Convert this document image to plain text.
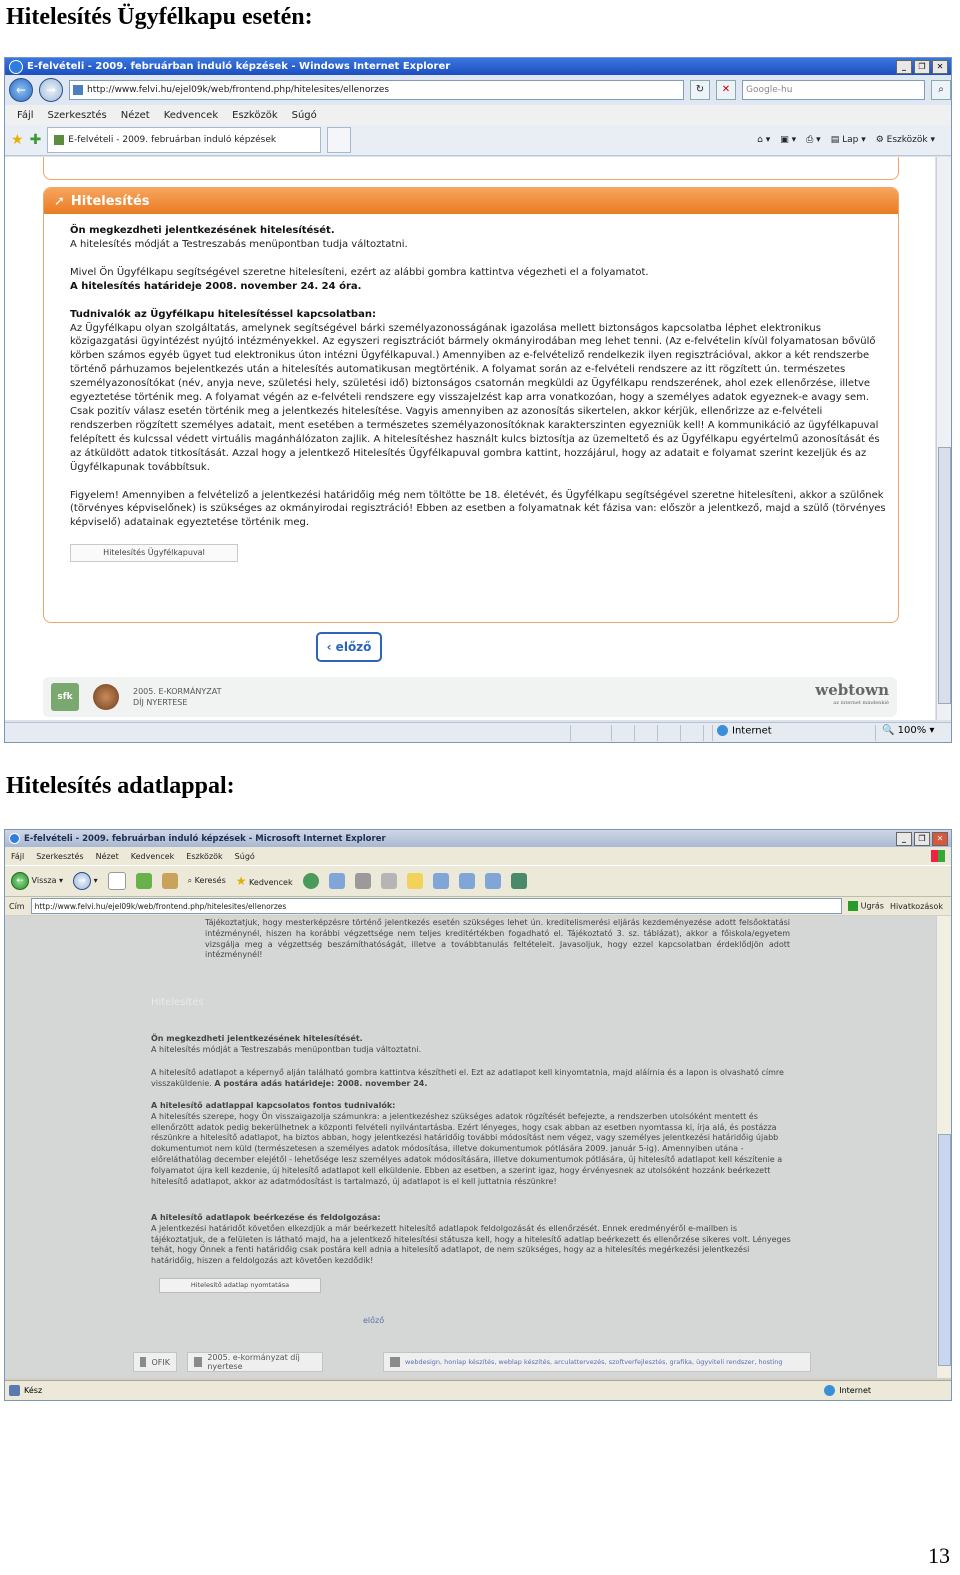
Hitelesítés Ügyfélkapu esetén:
E-felvételi - 2009. februárban induló képzések - Windows Internet Explorer	_	❐	✕
←	→	http://www.felvi.hu/ejel09k/web/frontend.php/hitelesites/ellenorzes	↻	✕	Google-hu	⌕
Fájl Szerkesztés Nézet Kedvencek Eszközök Súgó
★ ✚	E-felvételi - 2009. februárban induló képzések	⌂ ▾ ▣ ▾ ⎙ ▾ ▤ Lap ▾ ⚙ Eszközök ▾
➚ Hitelesítés

Ön megkezdheti jelentkezésének hitelesítését.
A hitelesítés módját a Testreszabás menüpontban tudja változtatni.

Mivel Ön Ügyfélkapu segítségével szeretne hitelesíteni, ezért az alábbi gombra kattintva végezheti el a folyamatot.
A hitelesítés határideje 2008. november 24. 24 óra.

Tudnivalók az Ügyfélkapu hitelesítéssel kapcsolatban:
Az Ügyfélkapu olyan szolgáltatás, amelynek segítségével bárki személyazonosságának igazolása mellett biztonságos kapcsolatba léphet elektronikus közigazgatási ügyintézést nyújtó intézményekkel. Az egyszeri regisztrációt bármely okmányirodában meg lehet tenni. (Az e-felvételin kívül folyamatosan bővülő körben számos egyéb ügyet tud elektronikus úton intézni Ügyfélkapuval.) Amennyiben az e-felvételiző rendelkezik ilyen regisztrációval, akkor a két rendszerbe történő párhuzamos bejelentkezés után a hitelesítés automatikusan megtörténik. A folyamat során az e-felvételi rendszere az itt rögzített ún. természetes személyazonosítókat (név, anyja neve, születési hely, születési idő) biztonságos csatornán megküldi az Ügyfélkapu rendszerének, ahol ezek ellenőrzése, illetve egyeztetése történik meg. A folyamat végén az e-felvételi rendszere egy visszajelzést kap arra vonatkozóan, hogy a személyes adatok egyeznek-e avagy sem. Csak pozitív válasz esetén történik meg a jelentkezés hitelesítése. Vagyis amennyiben az azonosítás sikertelen, akkor kérjük, ellenőrizze az e-felvételi rendszerben rögzített személyes adatait, ment esetében a természetes személyazonosítóknak karakterszinten egyezniük kell! A kommunikáció az ügyfélkapuval felépített és kulcssal védett virtuális magánhálózaton zajlik. A hitelesítéshez használt kulcs biztosítja az üzemeltető és az Ügyfélkapu egyértelmű azonosítását és az átküldött adatok titkosítását. Azzal hogy a jelentkező Hitelesítés Ügyfélkapuval gombra kattint, hozzájárul, hogy az adatait e folyamat szerint kezeljük és az Ügyfélkapunak továbbítsuk.

Figyelem! Amennyiben a felvételiző a jelentkezési határidőig még nem töltötte be 18. életévét, és Ügyfélkapu segítségével szeretne hitelesíteni, akkor a szülőnek (törvényes képviselőnek) is szükséges az okmányirodai regisztráció! Ebben az esetben a folyamatnak két fázisa van: először a jelentkező, majd a szülő (törvényes képviselő) adatainak egyeztetése történik meg.

Hitelesítés Ügyfélkapuval
‹ előző
sfk
2005. E-KORMÁNYZAT
DÍJ NYERTESE
webtown
az internet mindenkié
Internet	🔍 100% ▾
Hitelesítés adatlappal:
E-felvételi - 2009. februárban induló képzések - Microsoft Internet Explorer	_	❐	✕
Fájl Szerkesztés Nézet Kedvencek Eszközök Súgó
← Vissza ▾	→ ▾	⌕ Keresés ★ Kedvencek
Cím http://www.felvi.hu/ejel09k/web/frontend.php/hitelesites/ellenorzes	Ugrás Hivatkozások
Tájékoztatjuk, hogy mesterképzésre történő jelentkezés esetén szükséges lehet ún. kreditelismerési eljárás kezdeményezése adott felsőoktatási intézménynél, hiszen ha korábbi végzettsége nem teljes kreditértékben fogadható el. Tájékoztató 3. sz. táblázat), akkor a főiskola/egyetem vizsgálja meg a végzettség beszámíthatóságát, illetve a továbbtanulás feltételeit. Javasoljuk, hogy ezzel kapcsolatban érdeklődjön adott intézménynél!
Hitelesítés
Ön megkezdheti jelentkezésének hitelesítését.
A hitelesítés módját a Testreszabás menüpontban tudja változtatni.
A hitelesítő adatlapot a képernyő alján található gombra kattintva készítheti el. Ezt az adatlapot kell kinyomtatnia, majd aláírnia és a lapon is olvasható címre visszaküldenie. A postára adás határideje: 2008. november 24.
A hitelesítő adatlappal kapcsolatos fontos tudnivalók:
A hitelesítés szerepe, hogy Ön visszaigazolja számunkra: a jelentkezéshez szükséges adatok rögzítését befejezte, a rendszerben utolsóként mentett és ellenőrzött adatok pedig bekerülhetnek a központi felvételi nyilvántartásba. Ezért lényeges, hogy csak abban az esetben nyomtassa ki, írja alá, és postázza részünkre a hitelesítő adatlapot, ha biztos abban, hogy jelentkezési határidőig további módosítást nem végez, vagy személyes jelentkezési határidőig újabb dokumentumot nem küld (természetesen a személyes adatok módosítása, illetve dokumentumok pótlására 2009. január 5-ig). Amennyiben utána - előreláthatólag december elejétől - lehetősége lesz személyes adatok módosítására, illetve dokumentumok pótlására, új hitelesítő adatlapot kell készítenie a folyamatot újra kell kezdenie, új hitelesítő adatlapot kell elküldenie. Ebben az esetben, a szerint igaz, hogy érvényesnek az utolsóként hozzánk beérkezett hitelesítő adatlapot, akkor az adatmódosítást is tartalmazó, új adatlapot is el kell juttatnia részünkre!
A hitelesítő adatlapok beérkezése és feldolgozása:
A jelentkezési határidőt követően elkezdjük a már beérkezett hitelesítő adatlapok feldolgozását és ellenőrzését. Ennek eredményéről e-mailben is tájékoztatjuk, de a felületen is látható majd, ha a jelentkező hitelesítési státusza kell, hogy a hitelesítő adatlap beérkezett és ellenőrzése sikeres volt. Lényeges tehát, hogy Önnek a fenti határidőig csak postára kell adnia a hitelesítő adatlapot, de nem szükséges, hogy az a hitelesítés megérkezési jelentkezési határidőig, hiszen a feldolgozás azt követően kezdődik!
Hitelesítő adatlap nyomtatása
előző
OFIK	2005. e-kormányzat díj nyertese	webdesign, honlap készítés, weblap készítés, arculattervezés, szoftverfejlesztés, grafika, ügyviteli rendszer, hosting
Kész	Internet
13
